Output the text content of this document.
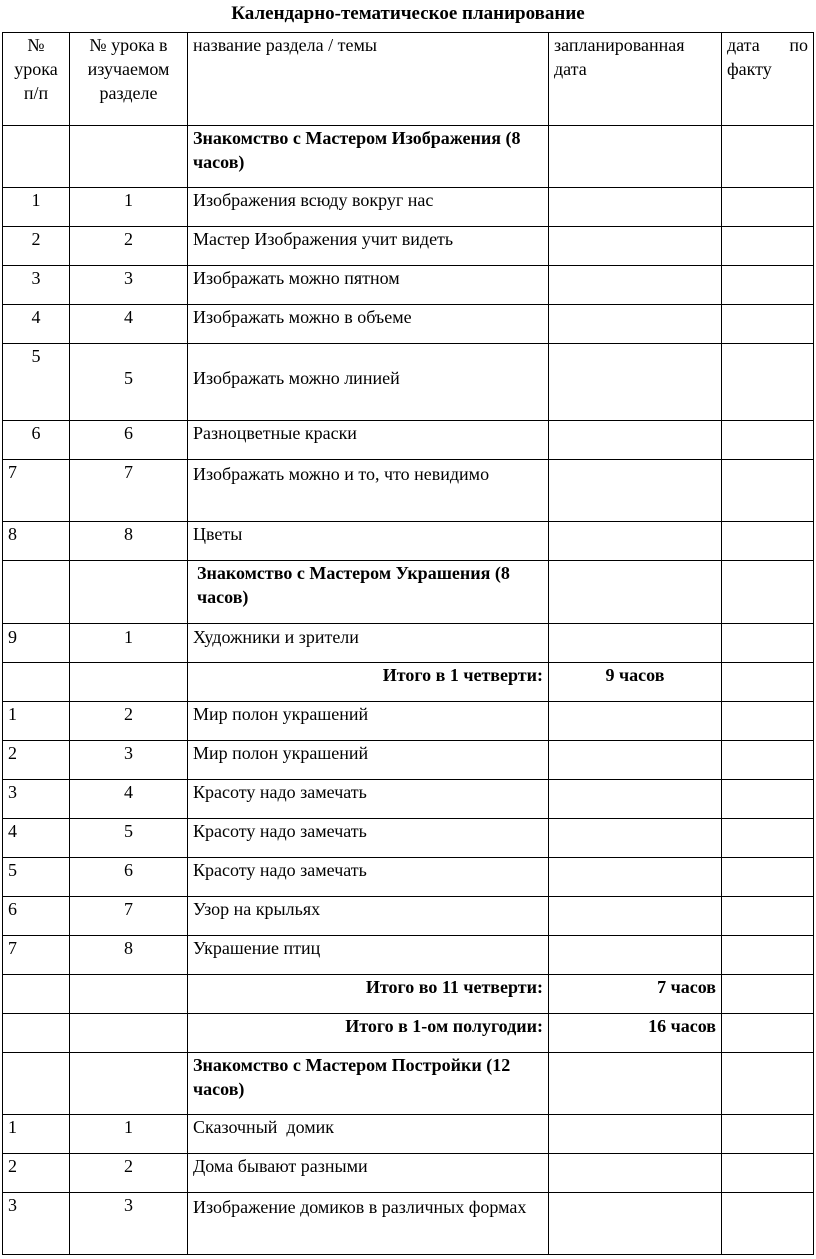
Календарно-тематическое планирование
№ урока п/п	№ урока в изучаемом разделе	название раздела / темы	запланированная дата	дата по факту
		Знакомство с Мастером Изображения (8 часов)		
1	1	Изображения всюду вокруг нас		
2	2	Мастер Изображения учит видеть		
3	3	Изображать можно пятном		
4	4	Изображать можно в объеме		
5	5	Изображать можно линией		
6	6	Разноцветные краски		
7	7	Изображать можно и то, что невидимо		
8	8	Цветы		
		Знакомство с Мастером Украшения (8 часов)		
9	1	Художники и зрители		
		Итого в 1 четверти:	9 часов	
1	2	Мир полон украшений		
2	3	Мир полон украшений		
3	4	Красоту надо замечать		
4	5	Красоту надо замечать		
5	6	Красоту надо замечать		
6	7	Узор на крыльях		
7	8	Украшение птиц		
		Итого во 11 четверти:	7 часов	
		Итого в 1-ом полугодии:	16 часов	
		Знакомство с Мастером Постройки (12 часов)		
1	1	Сказочный  домик		
2	2	Дома бывают разными		
3	3	Изображение домиков в различных формах		
